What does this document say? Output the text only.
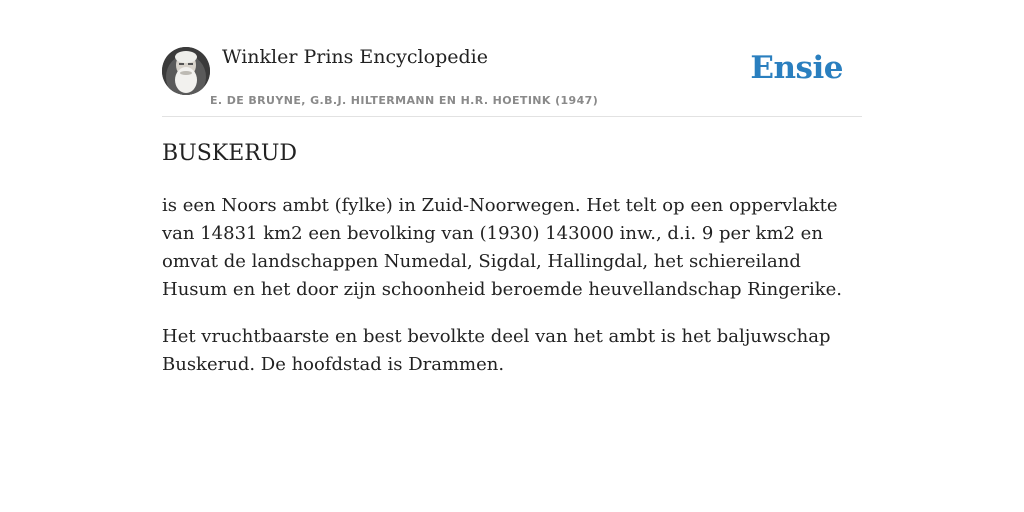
Winkler Prins Encyclopedie
E. DE BRUYNE, G.B.J. HILTERMANN EN H.R. HOETINK (1947)
Ensie
BUSKERUD

is een Noors ambt (fylke) in Zuid-Noorwegen. Het telt op een oppervlakte van 14831 km2 een bevolking van (1930) 143000 inw., d.i. 9 per km2 en omvat de landschappen Numedal, Sigdal, Hallingdal, het schiereiland Husum en het door zijn schoonheid beroemde heuvellandschap Ringerike.

Het vruchtbaarste en best bevolkte deel van het ambt is het baljuwschap Buskerud. De hoofdstad is Drammen.
